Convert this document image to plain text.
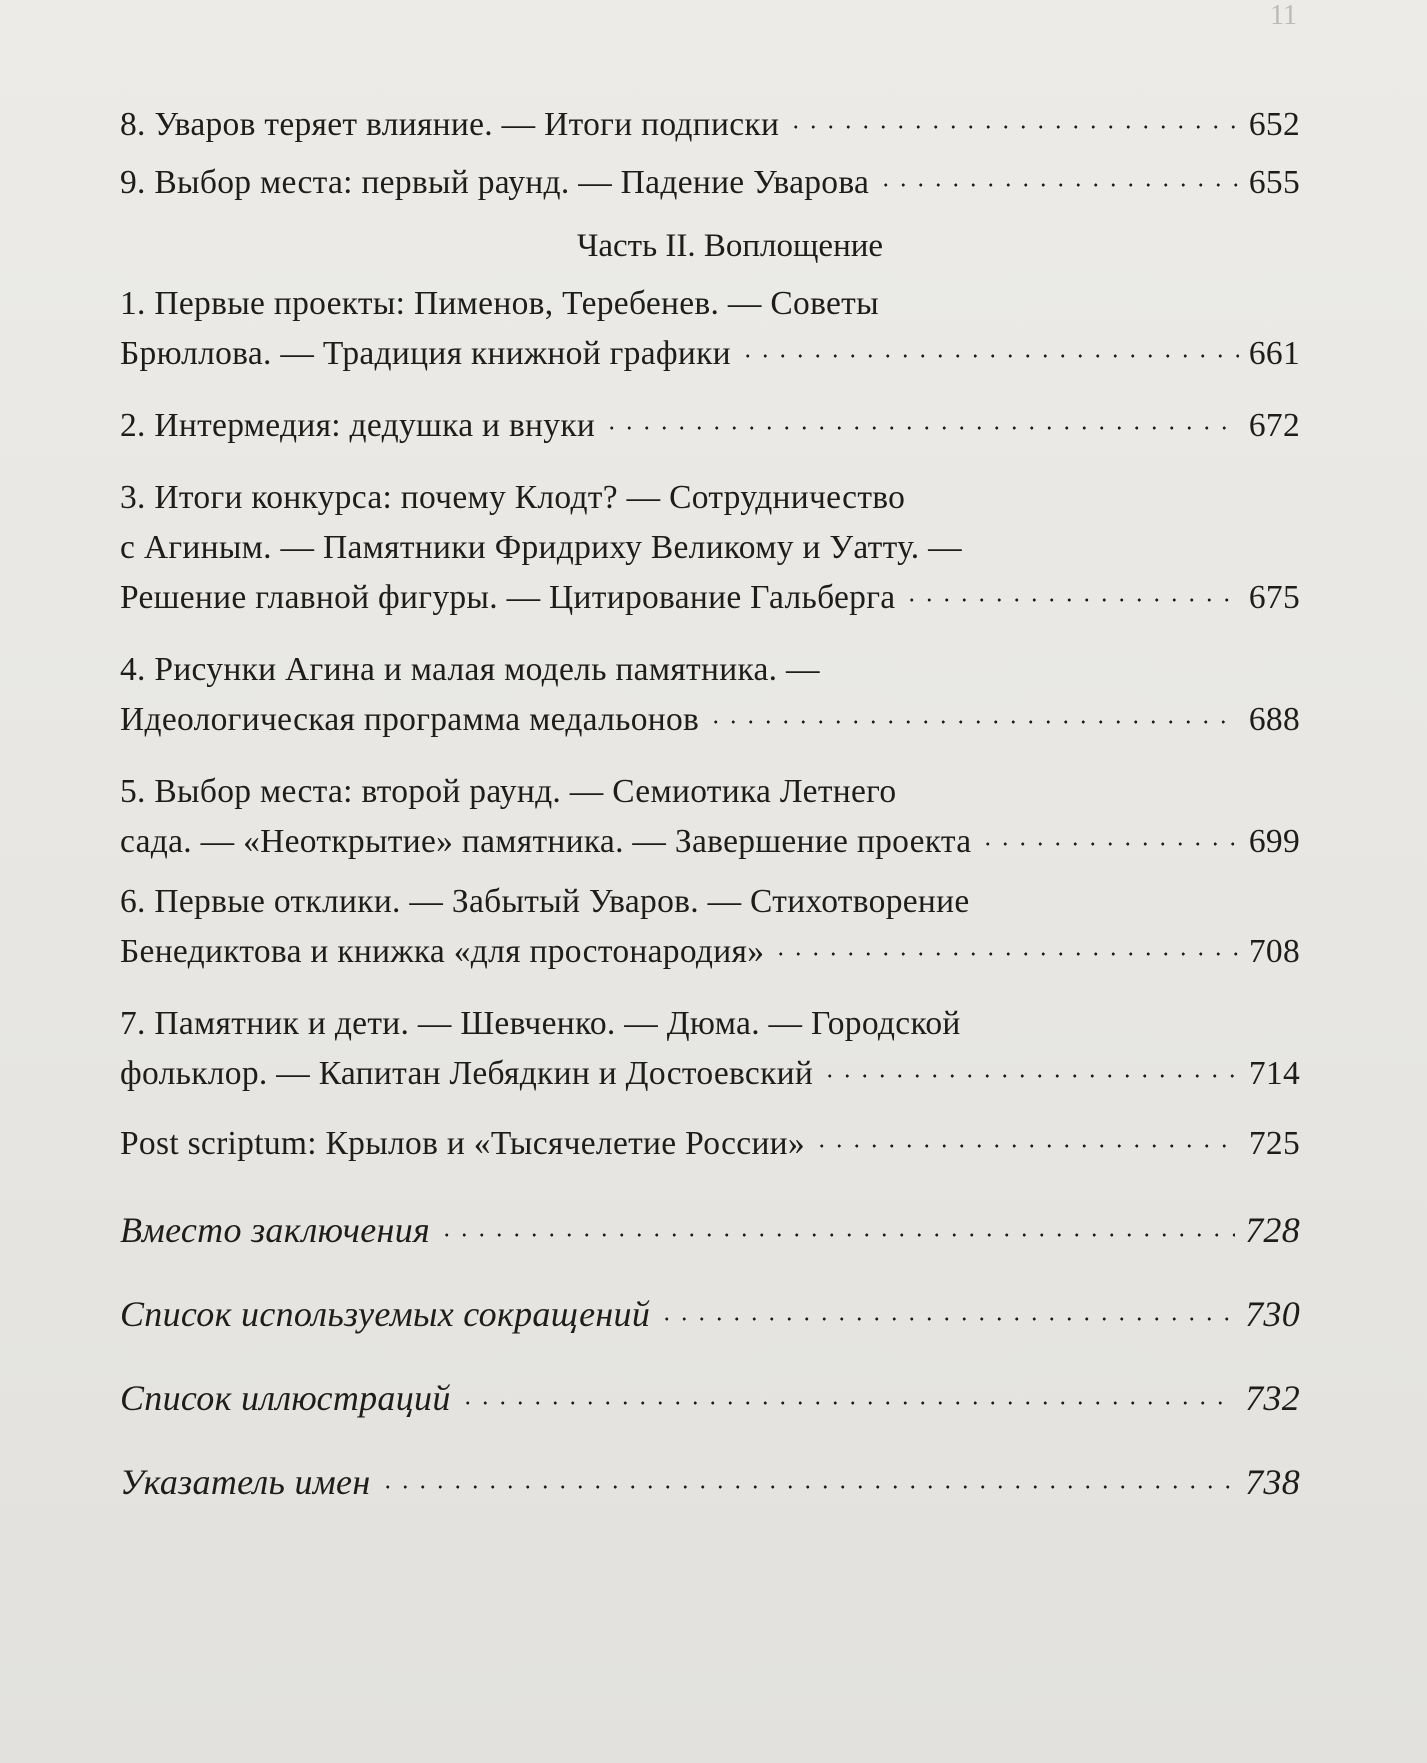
11
8. Уваров теряет влияние. — Итоги подписки	652
9. Выбор места: первый раунд. — Падение Уварова	655
Часть II. Воплощение
1. Первые проекты: Пименов, Теребенев. — Советы
Брюллова. — Традиция книжной графики	661
2. Интермедия: дедушка и внуки	672
3. Итоги конкурса: почему Клодт? — Сотрудничество
с Агиным. — Памятники Фридриху Великому и Уатту. —
Решение главной фигуры. — Цитирование Гальберга	675
4. Рисунки Агина и малая модель памятника. —
Идеологическая программа медальонов	688
5. Выбор места: второй раунд. — Семиотика Летнего
сада. — «Неоткрытие» памятника. — Завершение проекта	699
6. Первые отклики. — Забытый Уваров. — Стихотворение
Бенедиктова и книжка «для простонародия»	708
7. Памятник и дети. — Шевченко. — Дюма. — Городской
фольклор. — Капитан Лебядкин и Достоевский	714
Post scriptum: Крылов и «Тысячелетие России»	725
Вместо заключения	728
Список используемых сокращений	730
Список иллюстраций	732
Указатель имен	738
